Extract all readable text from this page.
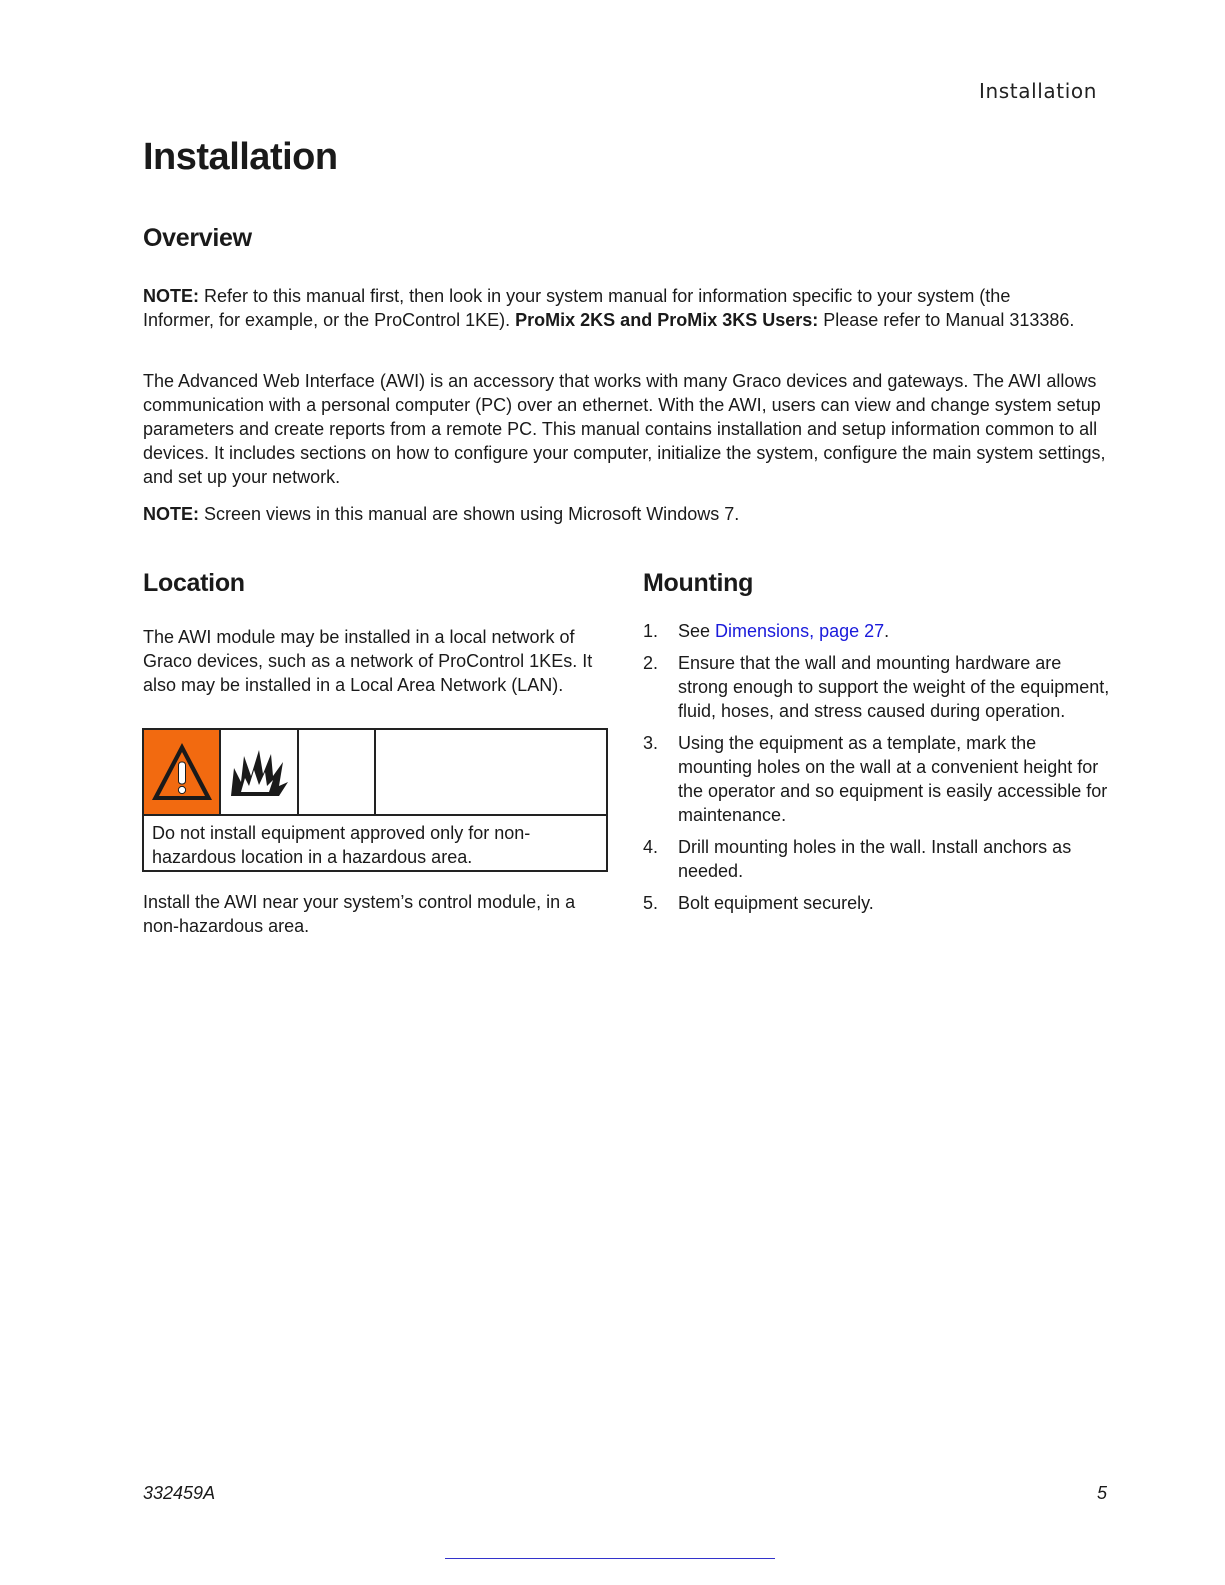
Installation
Installation
Overview

NOTE: Refer to this manual first, then look in your system manual for information specific to your system (the Informer, for example, or the ProControl 1KE). ProMix 2KS and ProMix 3KS Users: Please refer to Manual 313386.

The Advanced Web Interface (AWI) is an accessory that works with many Graco devices and gateways. The AWI allows communication with a personal computer (PC) over an ethernet. With the AWI, users can view and change system setup parameters and create reports from a remote PC. This manual contains installation and setup information common to all devices. It includes sections on how to configure your computer, initialize the system, configure the main system settings, and set up your network.

NOTE: Screen views in this manual are shown using Microsoft Windows 7.

Location

The AWI module may be installed in a local network of Graco devices, such as a network of ProControl 1KEs. It also may be installed in a Local Area Network (LAN).

Do not install equipment approved only for non-hazardous location in a hazardous area.

Install the AWI near your system’s control module, in a non-hazardous area.

Mounting
1. See Dimensions, page 27.
2. Ensure that the wall and mounting hardware are strong enough to support the weight of the equipment, fluid, hoses, and stress caused during operation.
3. Using the equipment as a template, mark the mounting holes on the wall at a convenient height for the operator and so equipment is easily accessible for maintenance.
4. Drill mounting holes in the wall. Install anchors as needed.
5. Bolt equipment securely.
332459A	5
